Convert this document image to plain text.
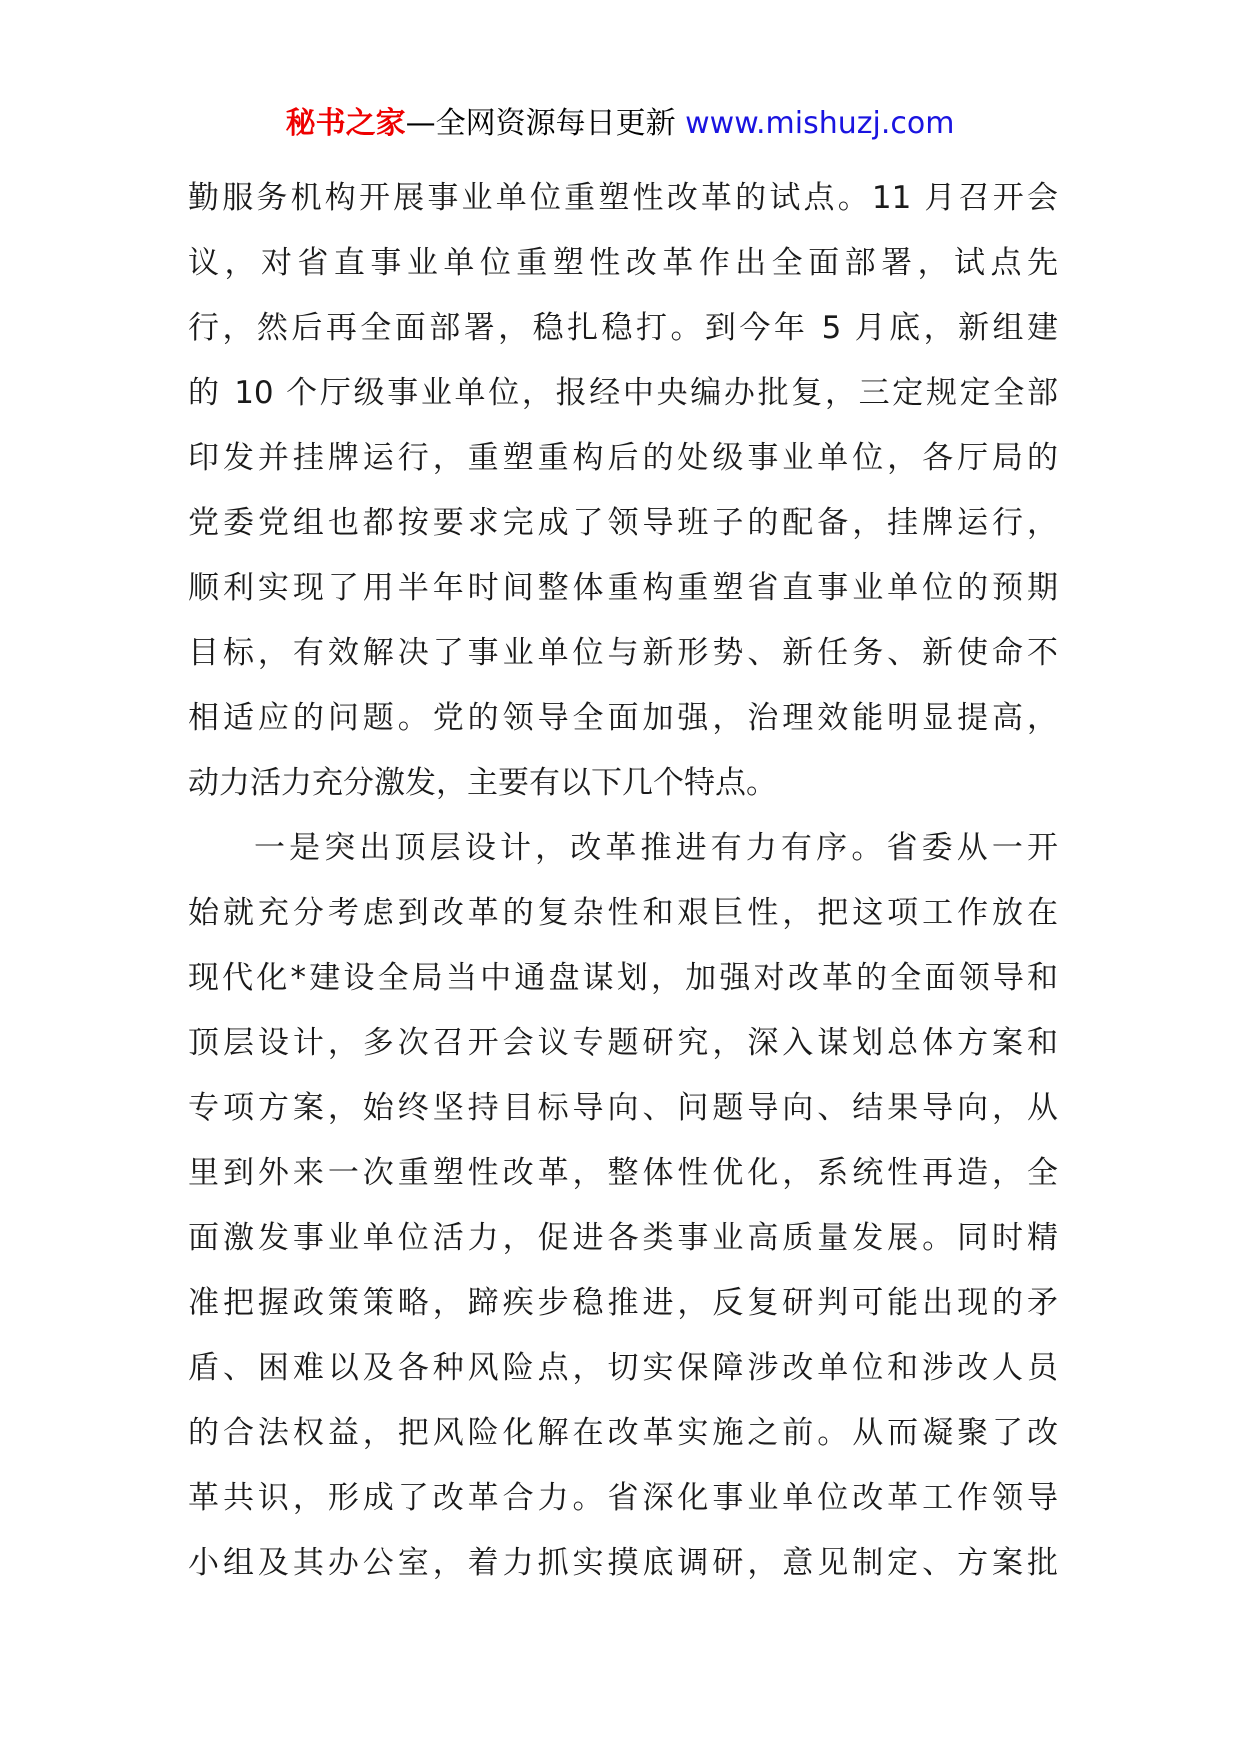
秘书之家—全网资源每日更新 www.mishuzj.com
勤服务机构开展事业单位重塑性改革的试点。11 月召开会
议，对省直事业单位重塑性改革作出全面部署，试点先
行，然后再全面部署，稳扎稳打。到今年 5 月底，新组建
的 10 个厅级事业单位，报经中央编办批复，三定规定全部
印发并挂牌运行，重塑重构后的处级事业单位，各厅局的
党委党组也都按要求完成了领导班子的配备，挂牌运行，
顺利实现了用半年时间整体重构重塑省直事业单位的预期
目标，有效解决了事业单位与新形势、新任务、新使命不
相适应的问题。党的领导全面加强，治理效能明显提高，
动力活力充分激发，主要有以下几个特点。
一是突出顶层设计，改革推进有力有序。省委从一开
始就充分考虑到改革的复杂性和艰巨性，把这项工作放在
现代化*建设全局当中通盘谋划，加强对改革的全面领导和
顶层设计，多次召开会议专题研究，深入谋划总体方案和
专项方案，始终坚持目标导向、问题导向、结果导向，从
里到外来一次重塑性改革，整体性优化，系统性再造，全
面激发事业单位活力，促进各类事业高质量发展。同时精
准把握政策策略，蹄疾步稳推进，反复研判可能出现的矛
盾、困难以及各种风险点，切实保障涉改单位和涉改人员
的合法权益，把风险化解在改革实施之前。从而凝聚了改
革共识，形成了改革合力。省深化事业单位改革工作领导
小组及其办公室，着力抓实摸底调研，意见制定、方案批
